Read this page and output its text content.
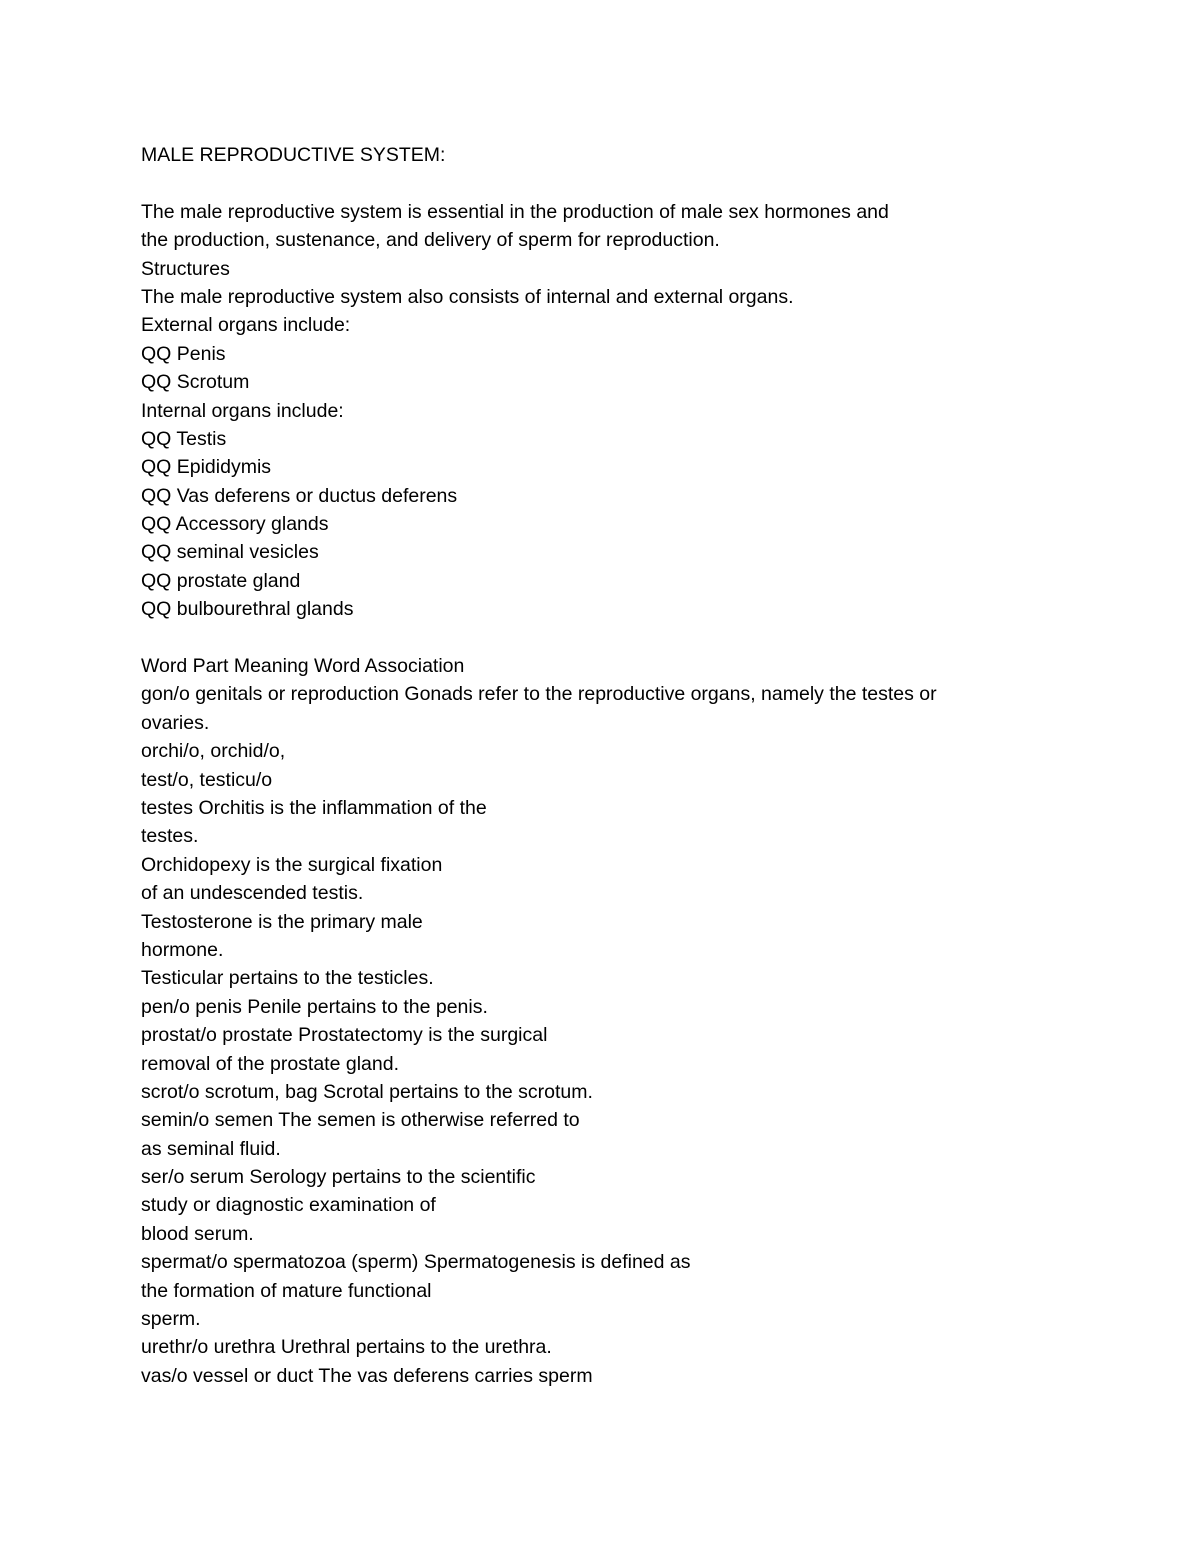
MALE REPRODUCTIVE SYSTEM:
The male reproductive system is essential in the production of male sex hormones and
the production, sustenance, and delivery of sperm for reproduction.
Structures
The male reproductive system also consists of internal and external organs.
External organs include:
QQ Penis
QQ Scrotum
Internal organs include:
QQ Testis
QQ Epididymis
QQ Vas deferens or ductus deferens
QQ Accessory glands
QQ seminal vesicles
QQ prostate gland
QQ bulbourethral glands
Word Part Meaning Word Association
gon/o genitals or reproduction Gonads refer to the reproductive organs, namely the testes or
ovaries.
orchi/o, orchid/o,
test/o, testicu/o
testes Orchitis is the inflammation of the
testes.
Orchidopexy is the surgical fixation
of an undescended testis.
Testosterone is the primary male
hormone.
Testicular pertains to the testicles.
pen/o penis Penile pertains to the penis.
prostat/o prostate Prostatectomy is the surgical
removal of the prostate gland.
scrot/o scrotum, bag Scrotal pertains to the scrotum.
semin/o semen The semen is otherwise referred to
as seminal fluid.
ser/o serum Serology pertains to the scientific
study or diagnostic examination of
blood serum.
spermat/o spermatozoa (sperm) Spermatogenesis is defined as
the formation of mature functional
sperm.
urethr/o urethra Urethral pertains to the urethra.
vas/o vessel or duct The vas deferens carries sperm
